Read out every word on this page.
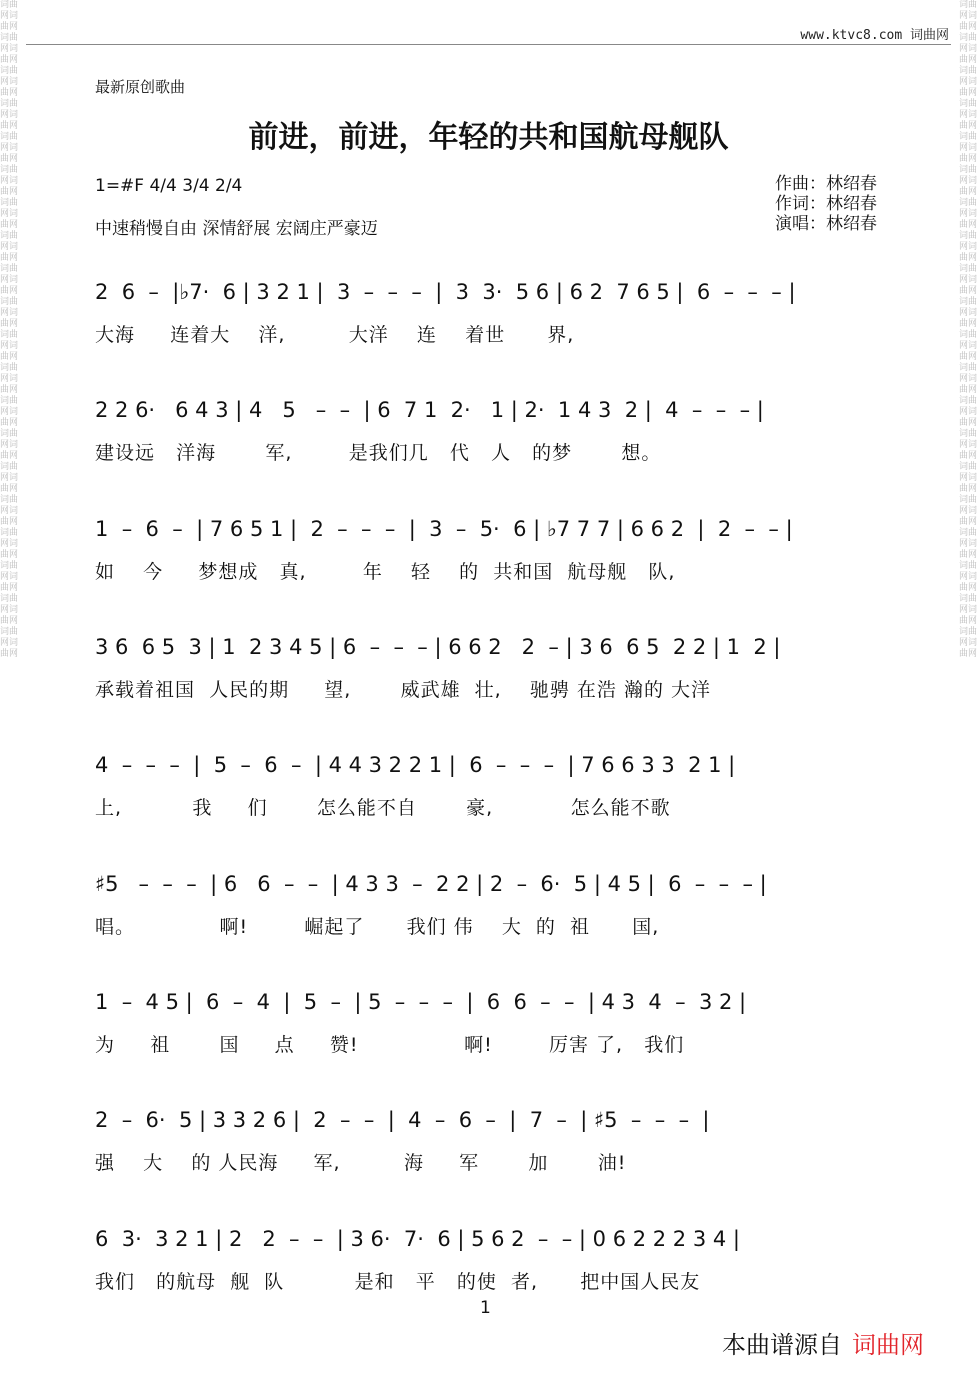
词曲网词曲网词曲网词曲网词曲网词曲网词曲网词曲网词曲网词曲网词曲网词曲网词曲网词曲网词曲网词曲网词曲网词曲网词曲网词曲网词曲网词曲网词曲网词曲网词曲网词曲网词曲网词曲网词曲网词曲网词曲网词曲网词曲网词曲网词曲网词曲网词曲网词曲网词曲网词曲网
词曲网词曲网词曲网词曲网词曲网词曲网词曲网词曲网词曲网词曲网词曲网词曲网词曲网词曲网词曲网词曲网词曲网词曲网词曲网词曲网词曲网词曲网词曲网词曲网词曲网词曲网词曲网词曲网词曲网词曲网词曲网词曲网词曲网词曲网词曲网词曲网词曲网词曲网词曲网词曲网
www.ktvc8.com 词曲网
最新原创歌曲
前进，前进，年轻的共和国航母舰队
1=#F 4/4 3/4 2/4
中速稍慢自由 深情舒展 宏阔庄严豪迈
作曲：林绍春
作词：林绍春
演唱：林绍春
2  6  –  |♭7·  6 | 3 2 1 |  3  –  –  –  |  3  3·  5 6 | 6 2  7 6 5 |  6  –  –  – |
大海     连着大    洋,         大洋    连    着世      界,
2 2 6·   6 4 3 | 4   5   –  –  | 6  7 1  2·   1 | 2·  1 4 3  2 |  4  –  –  – |
建设远   洋海       军,        是我们几   代   人   的梦       想。
1  –  6  –  | 7 6 5 1 |  2  –  –  –  |  3  –  5·  6 | ♭7 7 7 | 6 6 2  |  2  –  – |
如    今     梦想成   真,        年    轻    的  共和国  航母舰   队,
3 6  6 5  3 | 1  2 3 4 5 | 6  –  –  – | 6 6 2   2  – | 3 6  6 5  2 2 | 1  2 |
承载着祖国  人民的期     望,       威武雄  壮,    驰骋 在浩 瀚的 大洋
4  –  –  –  |  5  –  6  –  | 4 4 3 2 2 1 |  6  –  –  –  | 7 6 6 3 3  2 1 |
上,          我     们       怎么能不自       豪,           怎么能不歌
♯5   –  –  –  | 6   6  –  –  | 4 3 3  –  2 2 | 2  –  6·  5 | 4 5 |  6  –  –  – |
唱。            啊!        崛起了      我们 伟    大  的  祖      国,
1  –  4 5 |  6  –  4  |  5  –  | 5  –  –  –  |  6  6  –  –  | 4 3  4  –  3 2 |
为     祖       国     点     赞!               啊!        厉害 了,   我们
2  –  6·  5 | 3 3 2 6 |  2  –  –  |  4  –  6  –  |  7  –  | ♯5  –  –  –  |
强    大    的 人民海     军,         海     军       加       油!
6  3·  3 2 1 | 2   2  –  –  | 3 6·  7·  6 | 5 6 2  –  – | 0 6 2 2 2 3 4 |
我们   的航母  舰  队          是和   平   的使  者,      把中国人民友
1
本曲谱源自 词曲网
